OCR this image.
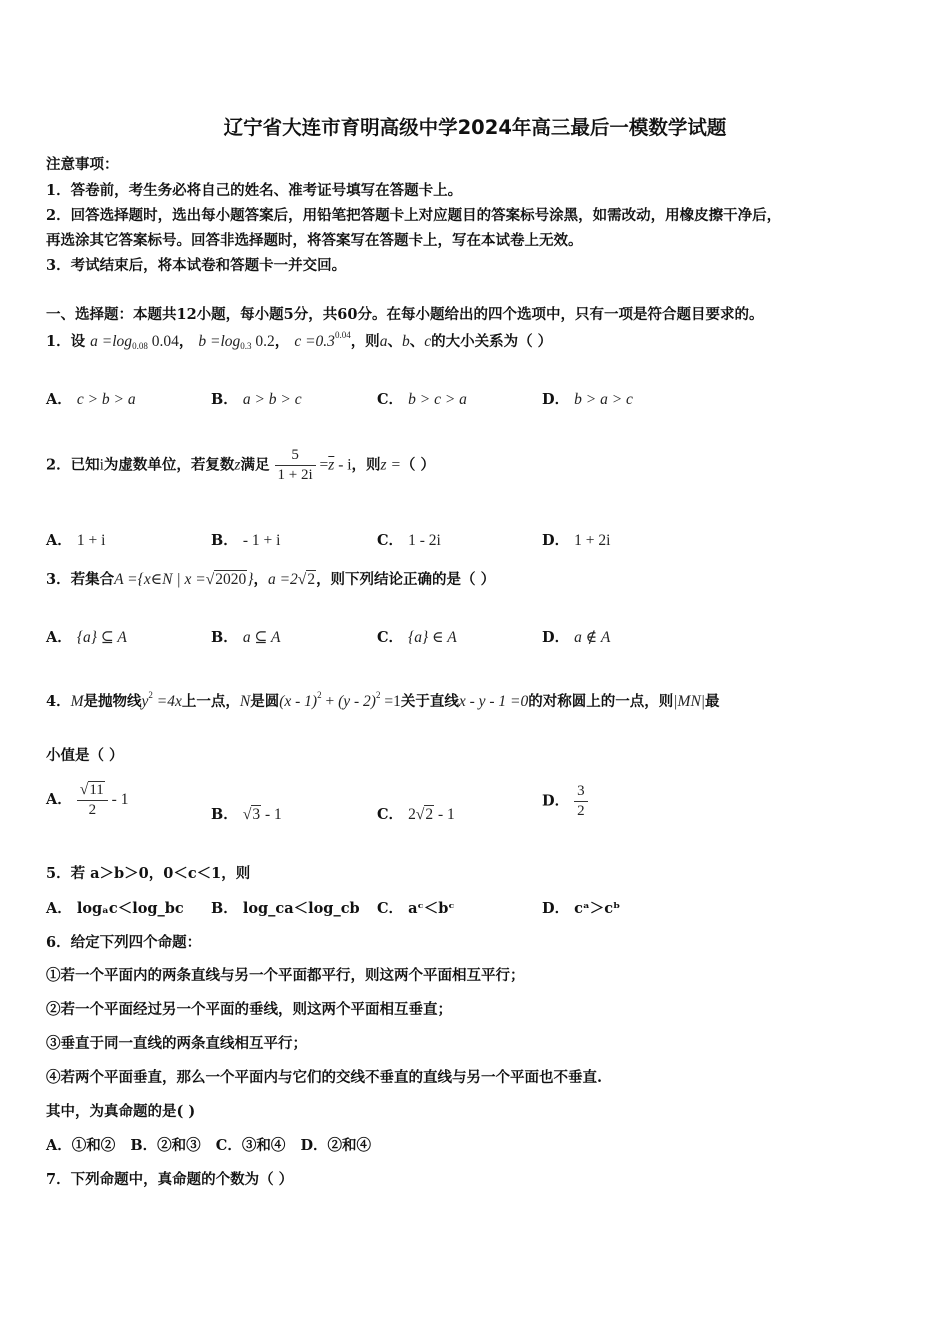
辽宁省大连市育明高级中学2024年高三最后一模数学试题
注意事项：
1．答卷前，考生务必将自己的姓名、准考证号填写在答题卡上。
2．回答选择题时，选出每小题答案后，用铅笔把答题卡上对应题目的答案标号涂黑，如需改动，用橡皮擦干净后，
再选涂其它答案标号。回答非选择题时，将答案写在答题卡上，写在本试卷上无效。
3．考试结束后，将本试卷和答题卡一并交回。
一、选择题：本题共12小题，每小题5分，共60分。在每小题给出的四个选项中，只有一项是符合题目要求的。
1．设 $a =\log_{0.08}$ 0.04， $b =\log_{0.3}$ 0.2， $c =0.3^{0.04}$，则a、b、c的大小关系为（ ）
A． c > b > a	B． a > b > c	C． b > c > a	D． b > a > c
2．已知i为虚数单位，若复数z满足 $\frac{5}{1 + 2i} =\overline{z} - i$，则z =（ ）
A． 1 + i	B． - 1 + i	C． 1 - 2i	D． 1 + 2i
3．若集合A ={x∈N | x =√2020}，a =2√2，则下列结论正确的是（ ）
A． {a} ⊆ A	B． a ⊆ A	C． {a} ∈ A	D． a ∉ A
4．M是抛物线$y^2 =4x$上一点，N是圆(x - 1)$^2$ + (y - 2)$^2$ =1关于直线x - y - 1 =0的对称圆上的一点，则|MN|最
小值是（ ）
A． $\frac{√11}{2} - 1$
B． √3 - 1	C． 2√2 - 1
D． $\frac{3}{2}$
5．若 a＞b＞0，0＜c＜1，则
A． logₐc＜log_bc B． log_ca＜log_cb C． aᶜ＜bᶜ	D． cᵃ＞cᵇ
6．给定下列四个命题：
①若一个平面内的两条直线与另一个平面都平行，则这两个平面相互平行；
②若一个平面经过另一个平面的垂线，则这两个平面相互垂直；
③垂直于同一直线的两条直线相互平行；
④若两个平面垂直，那么一个平面内与它们的交线不垂直的直线与另一个平面也不垂直.
其中，为真命题的是( )
A．①和②   B．②和③   C．③和④   D．②和④
7．下列命题中，真命题的个数为（ ）
